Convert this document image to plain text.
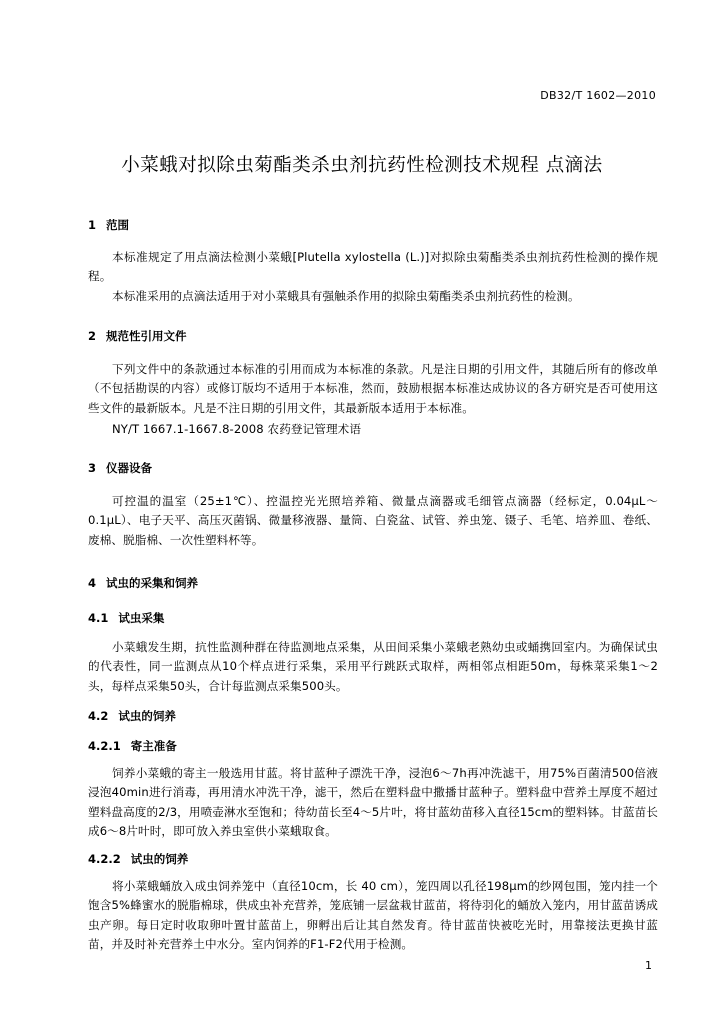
DB32/T 1602—2010
小菜蛾对拟除虫菊酯类杀虫剂抗药性检测技术规程 点滴法
1 范围
本标准规定了用点滴法检测小菜蛾[Plutella xylostella (L.)]对拟除虫菊酯类杀虫剂抗药性检测的操作规程。
本标准采用的点滴法适用于对小菜蛾具有强触杀作用的拟除虫菊酯类杀虫剂抗药性的检测。
2 规范性引用文件
下列文件中的条款通过本标准的引用而成为本标准的条款。凡是注日期的引用文件，其随后所有的修改单（不包括勘误的内容）或修订版均不适用于本标准，然而，鼓励根据本标准达成协议的各方研究是否可使用这些文件的最新版本。凡是不注日期的引用文件，其最新版本适用于本标准。
NY/T 1667.1-1667.8-2008 农药登记管理术语
3 仪器设备
可控温的温室（25±1℃）、控温控光光照培养箱、微量点滴器或毛细管点滴器（经标定，0.04μL～0.1μL）、电子天平、高压灭菌锅、微量移液器、量筒、白瓷盆、试管、养虫笼、镊子、毛笔、培养皿、卷纸、废棉、脱脂棉、一次性塑料杯等。
4 试虫的采集和饲养
4.1 试虫采集
小菜蛾发生期，抗性监测种群在待监测地点采集，从田间采集小菜蛾老熟幼虫或蛹携回室内。为确保试虫的代表性，同一监测点从10个样点进行采集，采用平行跳跃式取样，两相邻点相距50m，每株菜采集1～2头，每样点采集50头，合计每监测点采集500头。
4.2 试虫的饲养
4.2.1 寄主准备
饲养小菜蛾的寄主一般选用甘蓝。将甘蓝种子漂洗干净，浸泡6～7h再冲洗滤干，用75%百菌清500倍液浸泡40min进行消毒，再用清水冲洗干净，滤干，然后在塑料盘中撒播甘蓝种子。塑料盘中营养土厚度不超过塑料盘高度的2/3，用喷壶淋水至饱和；待幼苗长至4～5片叶，将甘蓝幼苗移入直径15cm的塑料钵。甘蓝苗长成6～8片叶时，即可放入养虫室供小菜蛾取食。
4.2.2 试虫的饲养
将小菜蛾蛹放入成虫饲养笼中（直径10cm，长 40 cm），笼四周以孔径198μm的纱网包围，笼内挂一个饱含5%蜂蜜水的脱脂棉球，供成虫补充营养，笼底铺一层盆栽甘蓝苗，将待羽化的蛹放入笼内，用甘蓝苗诱成虫产卵。每日定时收取卵叶置甘蓝苗上，卵孵出后让其自然发育。待甘蓝苗快被吃光时，用靠接法更换甘蓝苗，并及时补充营养土中水分。室内饲养的F1-F2代用于检测。
1
